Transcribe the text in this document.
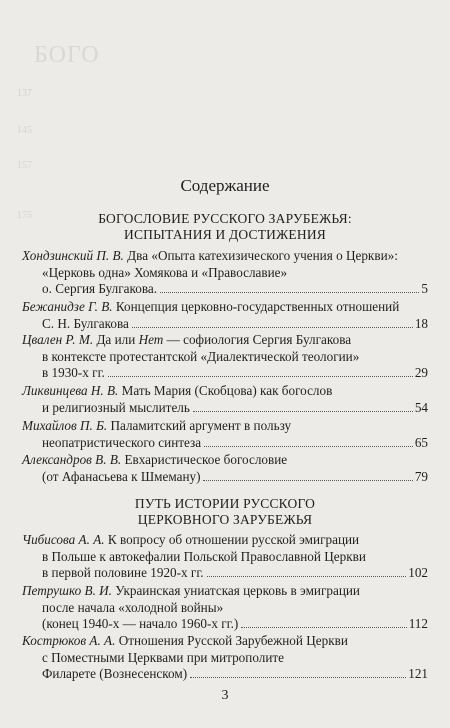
БОГО
137
145
157
175
Содержание
БОГОСЛОВИЕ РУССКОГО ЗАРУБЕЖЬЯ:
ИСПЫТАНИЯ И ДОСТИЖЕНИЯ
Хондзинский П. В. Два «Опыта катехизического учения о Церкви»:
«Церковь одна» Хомякова и «Православие»
о. Сергия Булгакова.	5
Бежанидзе Г. В. Концепция церковно-государственных отношений
С. Н. Булгакова	18
Цвален Р. М. Да или Нет — софиология Сергия Булгакова
в контексте протестантской «Диалектической теологии»
в 1930-х гг.	29
Ликвинцева Н. В. Мать Мария (Скобцова) как богослов
и религиозный мыслитель	54
Михайлов П. Б. Паламитский аргумент в пользу
неопатристического синтеза	65
Александров В. В. Евхаристическое богословие
(от Афанасьева к Шмеману)	79
ПУТЬ ИСТОРИИ РУССКОГО
ЦЕРКОВНОГО ЗАРУБЕЖЬЯ
Чибисова А. А. К вопросу об отношении русской эмиграции
в Польше к автокефалии Польской Православной Церкви
в первой половине 1920-х гг.	102
Петрушко В. И. Украинская униатская церковь в эмиграции
после начала «холодной войны»
(конец 1940-х — начало 1960-х гг.)	112
Кострюков А. А. Отношения Русской Зарубежной Церкви
с Поместными Церквами при митрополите
Филарете (Вознесенском)	121
3
